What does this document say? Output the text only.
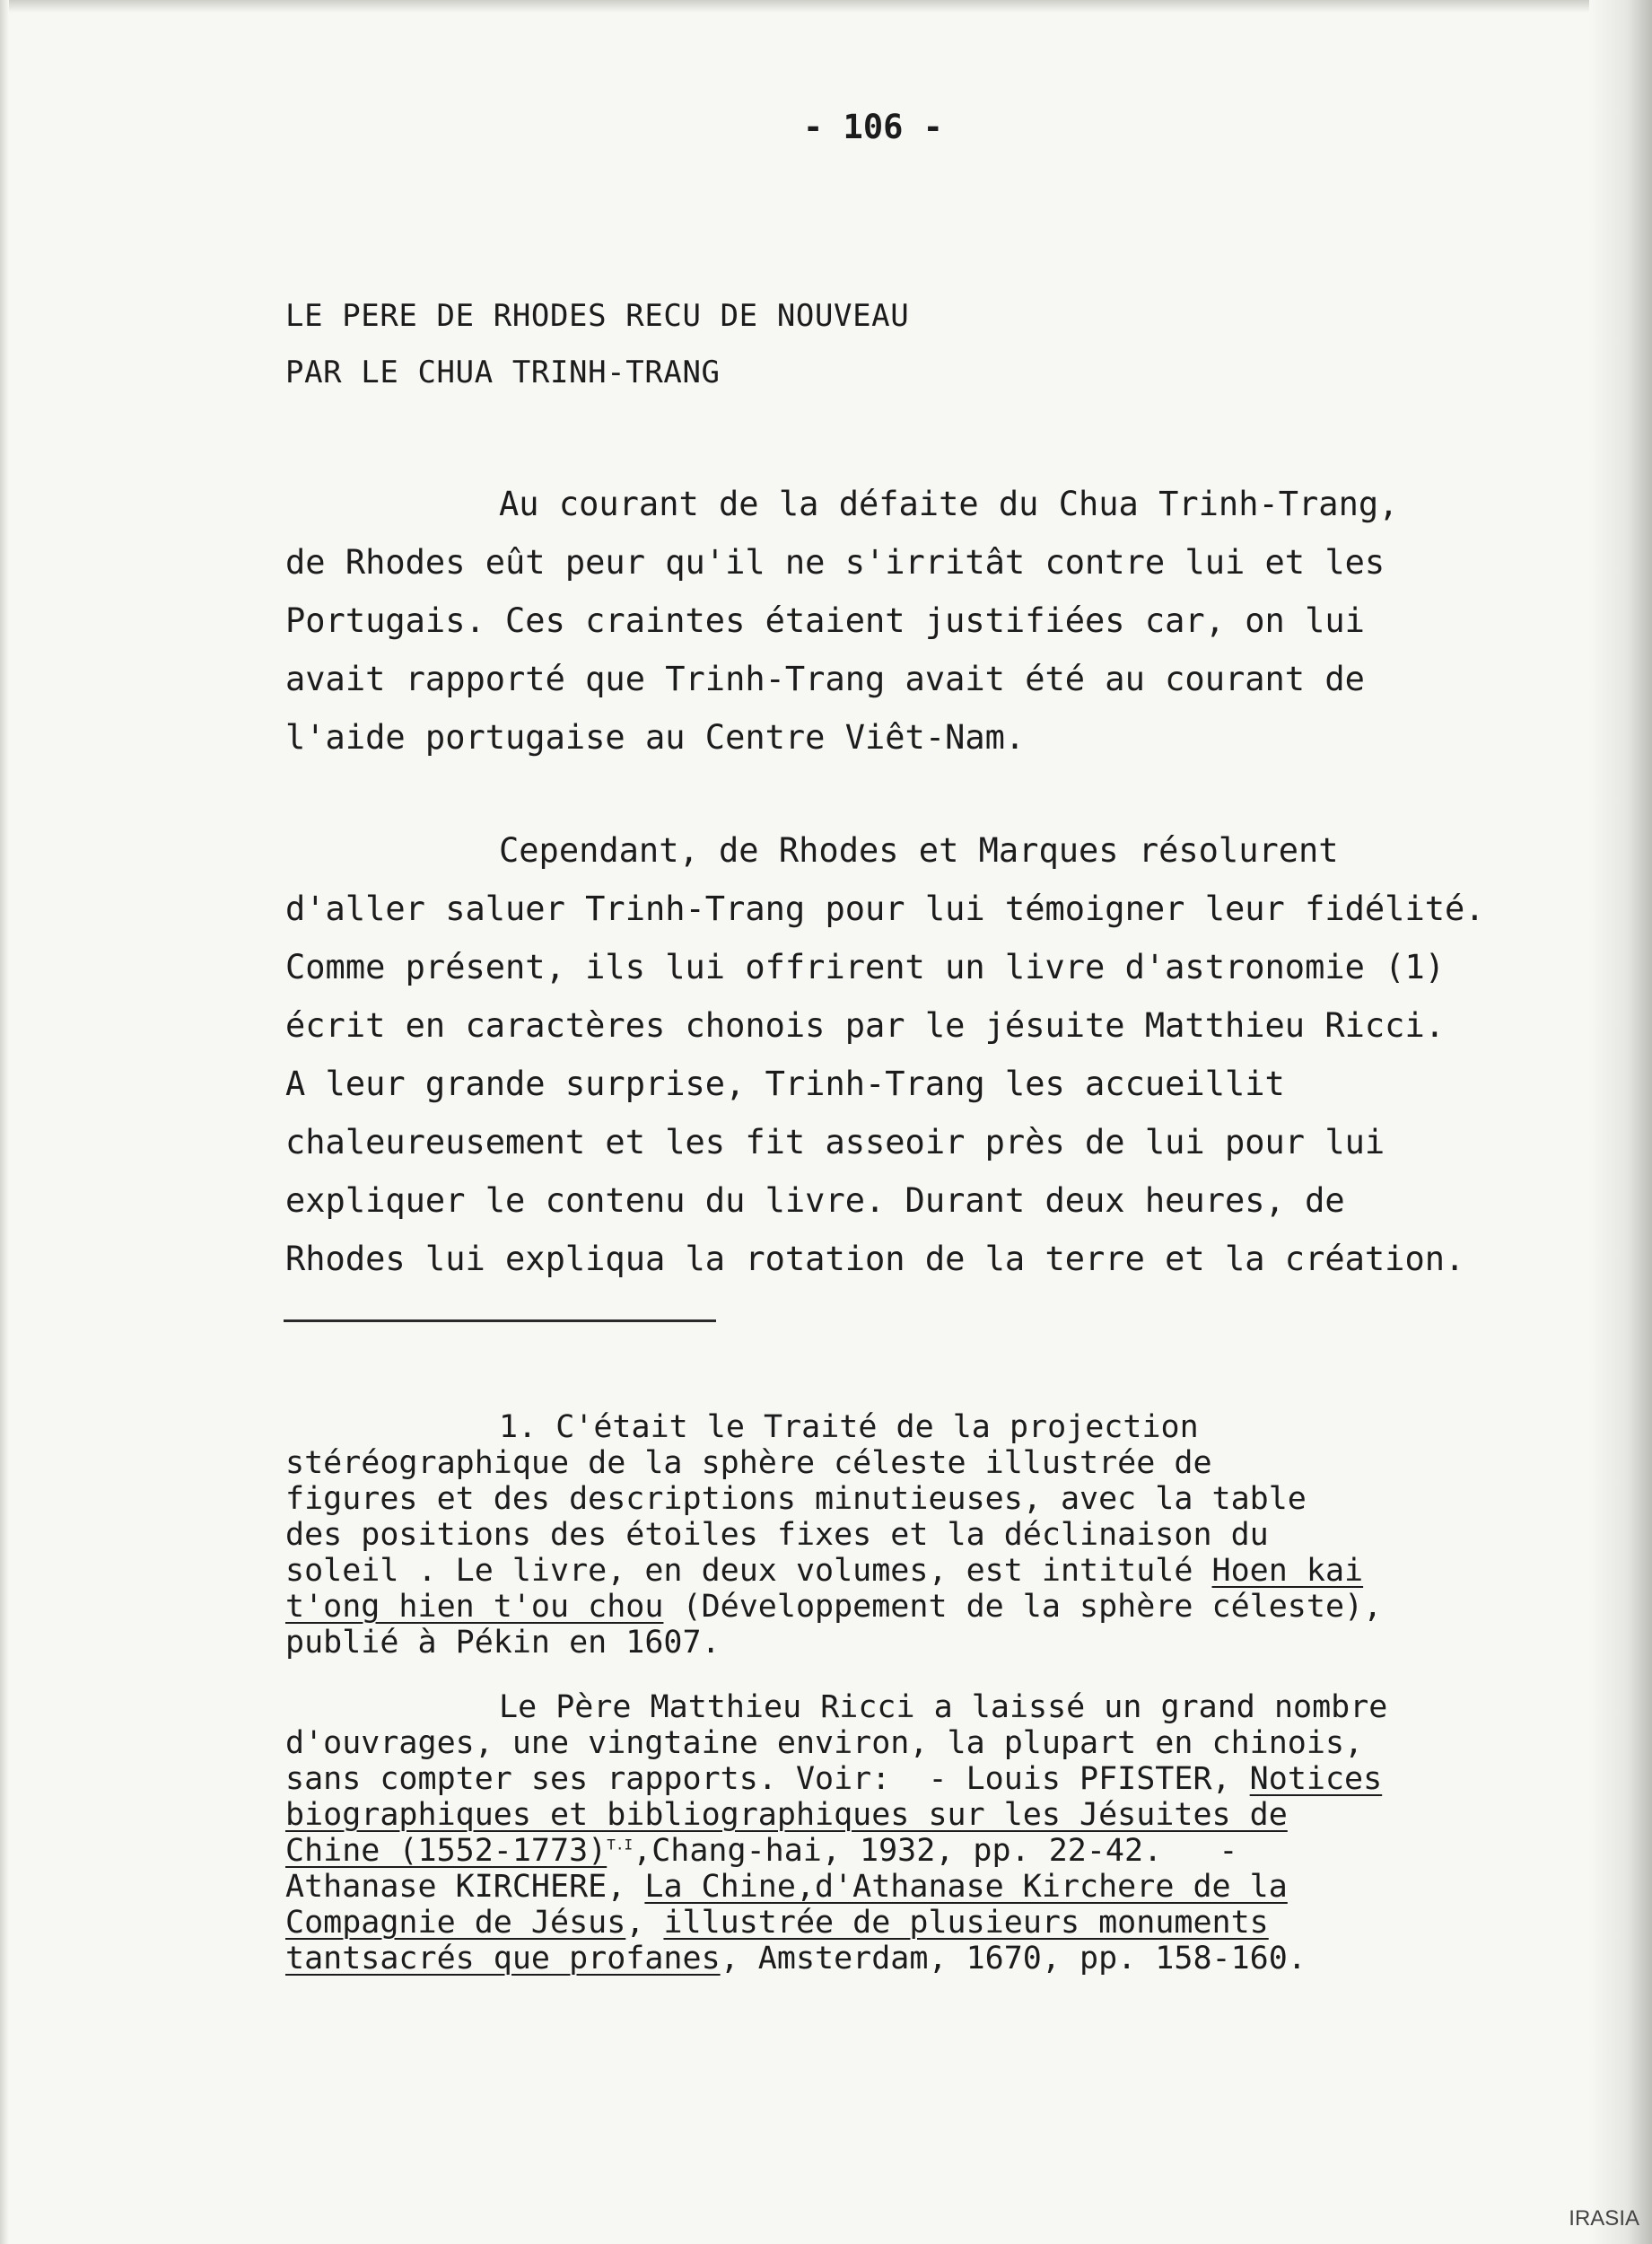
- 106 -
LE PERE DE RHODES RECU DE NOUVEAU
PAR LE CHUA TRINH-TRANG
Au courant de la défaite du Chua Trinh-Trang,
de Rhodes eût peur qu'il ne s'irritât contre lui et les
Portugais. Ces craintes étaient justifiées car, on lui
avait rapporté que Trinh-Trang avait été au courant de
l'aide portugaise au Centre Viêt-Nam.
Cependant, de Rhodes et Marques résolurent
d'aller saluer Trinh-Trang pour lui témoigner leur fidélité.
Comme présent, ils lui offrirent un livre d'astronomie (1)
écrit en caractères chonois par le jésuite Matthieu Ricci.
A leur grande surprise, Trinh-Trang les accueillit
chaleureusement et les fit asseoir près de lui pour lui
expliquer le contenu du livre. Durant deux heures, de
Rhodes lui expliqua la rotation de la terre et la création.
1. C'était le Traité de la projection
stéréographique de la sphère céleste illustrée de
figures et des descriptions minutieuses, avec la table
des positions des étoiles fixes et la déclinaison du
soleil . Le livre, en deux volumes, est intitulé Hoen kai
t'ong hien t'ou chou (Développement de la sphère céleste),
publié à Pékin en 1607.
Le Père Matthieu Ricci a laissé un grand nombre
d'ouvrages, une vingtaine environ, la plupart en chinois,
sans compter ses rapports. Voir:  - Louis PFISTER, Notices
biographiques et bibliographiques sur les Jésuites de
Chine (1552-1773)$^{T.I}$,Chang-hai, 1932, pp. 22-42.   -
Athanase KIRCHERE, La Chine,d'Athanase Kirchere de la
Compagnie de Jésus, illustrée de plusieurs monuments
tantsacrés que profanes, Amsterdam, 1670, pp. 158-160.
IRASIA
